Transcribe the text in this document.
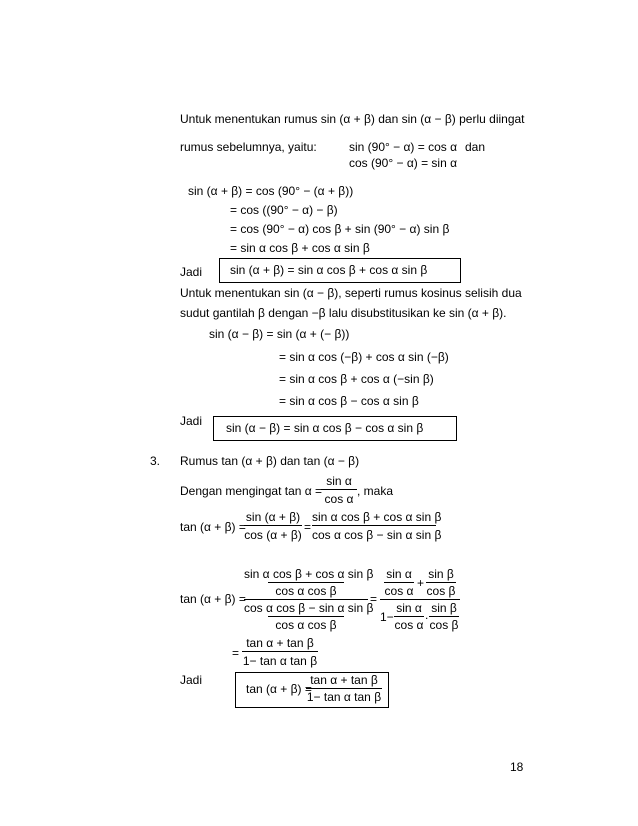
Untuk menentukan rumus sin (α + β) dan sin (α − β) perlu diingat
rumus sebelumnya, yaitu:	sin (90° − α) = cos α dan
cos (90° − α) = sin α
sin (α + β) = cos (90° − (α + β))
= cos ((90° − α) − β)
= cos (90° − α) cos β + sin (90° − α) sin β
= sin α cos β + cos α sin β
Jadi sin (α + β) = sin α cos β + cos α sin β
Untuk menentukan sin (α − β), seperti rumus kosinus selisih dua
sudut gantilah β dengan −β lalu disubstitusikan ke sin (α + β).
sin (α − β) = sin (α + (− β))
= sin α cos (−β) + cos α sin (−β)
= sin α cos β + cos α (−sin β)
= sin α cos β − cos α sin β
Jadi sin (α − β) = sin α cos β − cos α sin β
3. Rumus tan (α + β) dan tan (α − β)
Dengan mengingat tan α =
sin α
cos α
, maka
tan (α + β) =
sin (α + β)
cos (α + β)
=
sin α cos β + cos α sin β
cos α cos β − sin α sin β
tan (α + β) =
sin α cos β + cos α sin β
cos α cos β
cos α cos β − sin α sin β
cos α cos β
=
sin α
cos α
+
sin β
cos β
1−
sin α
cos α
. sin β
cos β
=
tan α + tan β
1− tan α tan β
Jadi
tan (α + β) =
tan α + tan β
1− tan α tan β
18
